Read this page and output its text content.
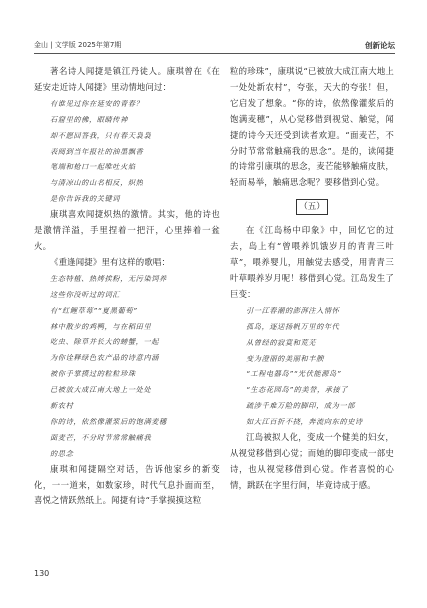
金山 | 文学版 2025年第7期	创新论坛

著名诗人闻捷是镇江丹徒人。康琪曾在《在延安走近诗人闻捷》里动情地问过：

有谁见过你在延安的青春？
石窟里的佛，眼睛传神
却不愿回答我，只有春天袅袅
表阅到当年报社的油墨飘香
笔端和枪口一起唯吐火焰
与清凉山的山名相反，炽热
是你告诉我的关键词

康琪喜欢闻捷炽热的激情。其实，他的诗也是激情洋溢，手里捏着一把汗，心里捧着一盆火。

《重逢闻捷》里有这样的歌唱：

生态特植、热烤挨粉，无污染饲养
这些你没听过的词汇
有“红鲤草莓”“夏黑葡萄”
林中散步的鸡鸭，与在稻田里
吃虫、除草并长大的螃蟹，一起
为你诠释绿色农产品的诗意内涵
被你手掌摸过的粒粒珍珠
已被放大成江南大地上一处处
新农村
你的诗，依然像灌浆后的饱满麦穗
面麦芒，不分时节常常触痛我
的思念

康琪和闻捷隔空对话，告诉他家乡的新变化，一一道来，如数家珍，时代气息扑面而至，喜悦之情跃然纸上。闻捷有诗“手掌摸摸这粒

粒的珍珠”，康琪说“已被放大成江南大地上一处处新农村”，夸张，天大的夸张！但，它启发了想象。“你的诗，依然像灌浆后的饱满麦穗”，从心觉移借到视觉、触觉，闻捷的诗今天还受到读者欢迎。“面麦芒，不分时节常常触痛我的思念”。是的，读闻捷的诗常引康琪的思念，麦芒能够触痛皮肤，轻而易举，触痛思念呢？要移借到心觉。

（五）

在《江岛杨中印象》中，回忆它的过去，岛上有“曾喂养饥饿岁月的青青三叶草”，喂养婴儿，用触觉去感受，用青青三叶草喂养岁月呢！移借到心觉。江岛发生了巨变：

引一江春潮的澎湃注入情怀
孤岛，逐送扬帆万里的年代
从曾经的寂寞和荒芜
变为澄丽的美丽和丰腴
“工程电器岛”“光伏能源岛”
“生态花园岛”的美誉，承接了
疏涉千难万险的脚印，成为一部
如大江百折不挠，奔流向东的史诗

江岛被拟人化，变成一个健美的妇女，从视觉移借到心觉；而她的脚印变成一部史诗，也从视觉移借到心觉。作者喜悦的心情，跳跃在字里行间，毕竟诗成于感。

130
